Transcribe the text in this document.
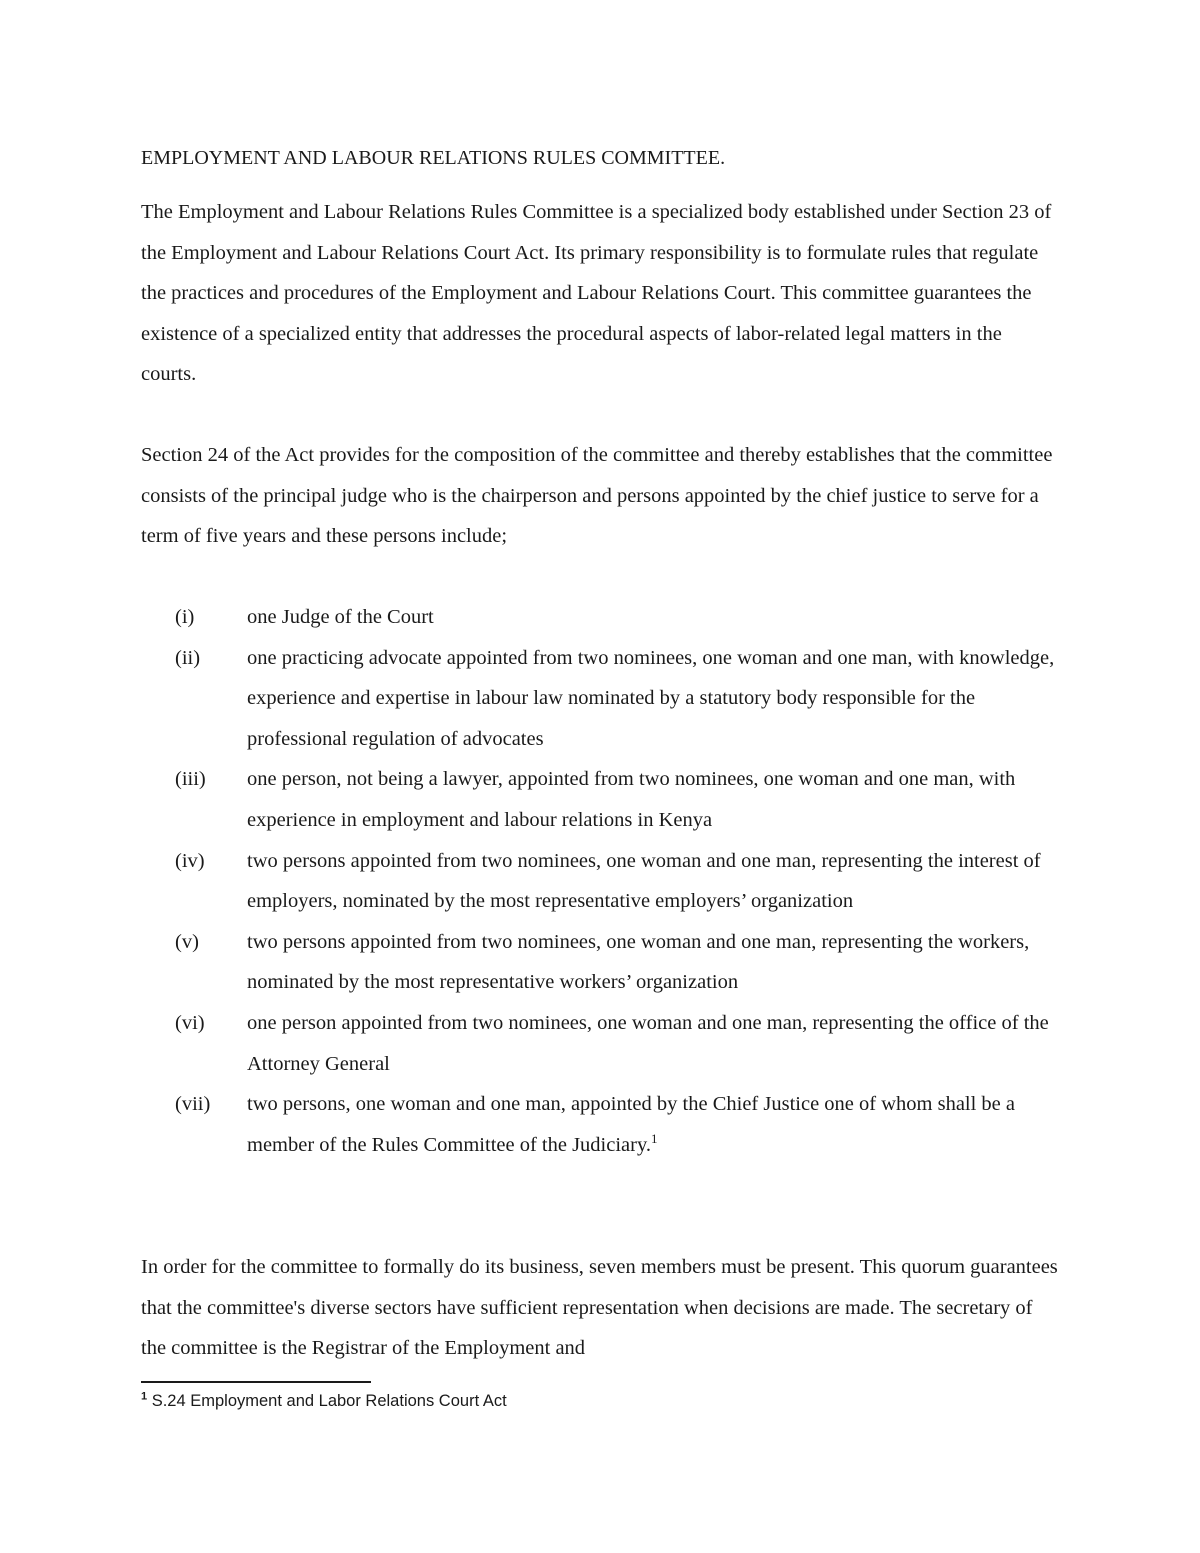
EMPLOYMENT AND LABOUR RELATIONS RULES COMMITTEE.

The Employment and Labour Relations Rules Committee is a specialized body established under Section 23 of the Employment and Labour Relations Court Act. Its primary responsibility is to formulate rules that regulate the practices and procedures of the Employment and Labour Relations Court. This committee guarantees the existence of a specialized entity that addresses the procedural aspects of labor-related legal matters in the courts.

Section 24 of the Act provides for the composition of the committee and thereby establishes that the committee consists of the principal judge who is the chairperson and persons appointed by the chief justice to serve for a term of five years and these persons include;

(i)	one Judge of the Court
(ii) one practicing advocate appointed from two nominees, one woman and one man, with knowledge, experience and expertise in labour law nominated by a statutory body responsible for the professional regulation of advocates
(iii) one person, not being a lawyer, appointed from two nominees, one woman and one man, with experience in employment and labour relations in Kenya
(iv) two persons appointed from two nominees, one woman and one man, representing the interest of employers, nominated by the most representative employers’ organization
(v) two persons appointed from two nominees, one woman and one man, representing the workers, nominated by the most representative workers’ organization
(vi) one person appointed from two nominees, one woman and one man, representing the office of the Attorney General
(vii) two persons, one woman and one man, appointed by the Chief Justice one of whom shall be a member of the Rules Committee of the Judiciary.$^1$

In order for the committee to formally do its business, seven members must be present. This quorum guarantees that the committee's diverse sectors have sufficient representation when decisions are made. The secretary of the committee is the Registrar of the Employment and

$^1$ S.24 Employment and Labor Relations Court Act
